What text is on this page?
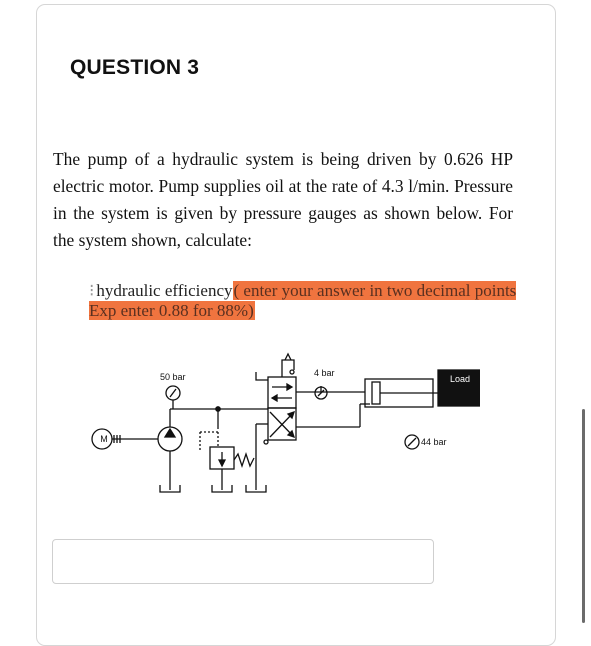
QUESTION 3

The pump of a hydraulic system is being driven by 0.626 HP electric motor. Pump supplies oil at the rate of 4.3 l/min. Pressure in the system is given by pressure gauges as shown below. For the system shown, calculate:

⁝ hydraulic efficiency( enter your answer in two decimal points Exp enter 0.88 for 88%)
M
50 bar	4 bar
Load
44 bar
